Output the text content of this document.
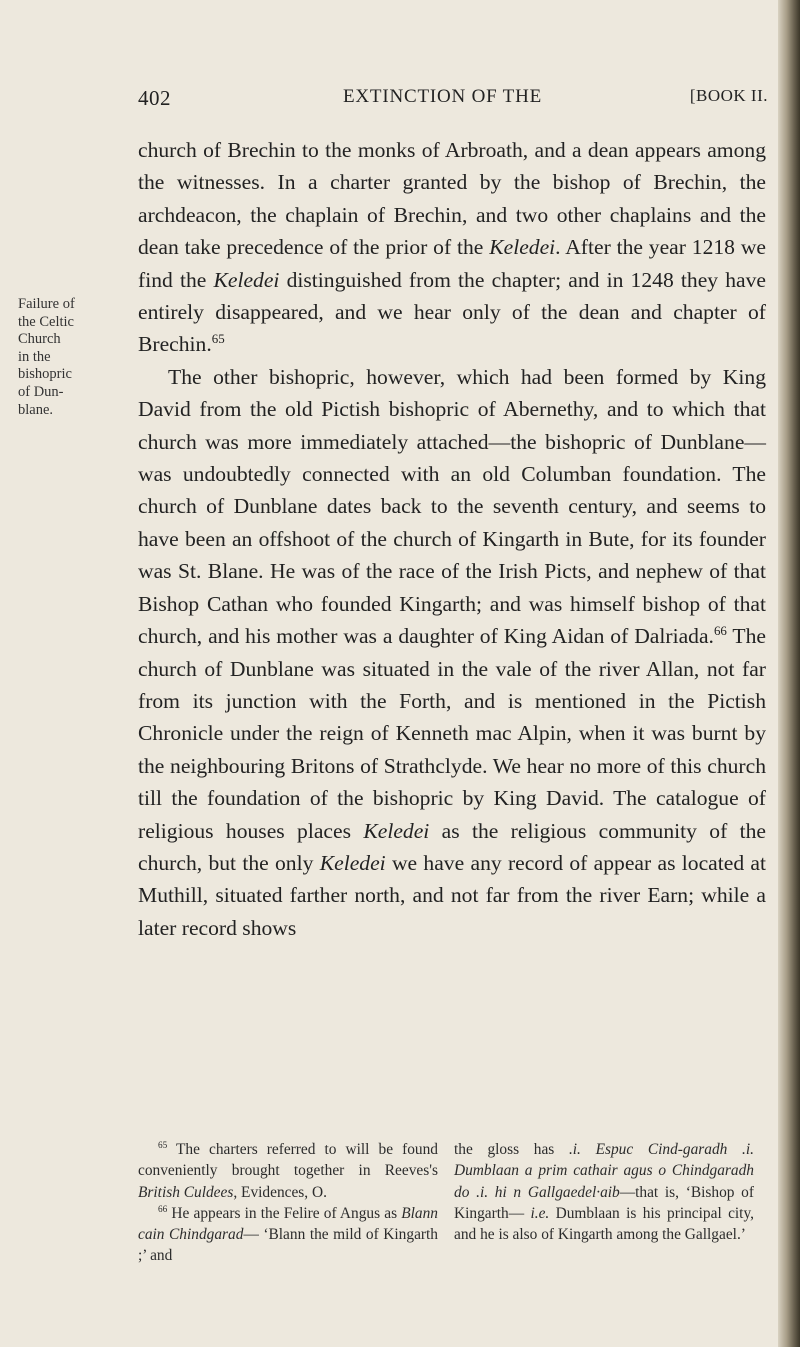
402	EXTINCTION OF THE	[BOOK II.
Failure of
the Celtic
Church
in the
bishopric
of Dun-
blane.

church of Brechin to the monks of Arbroath, and a dean appears among the witnesses. In a charter granted by the bishop of Brechin, the archdeacon, the chaplain of Brechin, and two other chaplains and the dean take precedence of the prior of the Keledei. After the year 1218 we find the Keledei distinguished from the chapter; and in 1248 they have entirely disappeared, and we hear only of the dean and chapter of Brechin.$^{65}$

The other bishopric, however, which had been formed by King David from the old Pictish bishopric of Abernethy, and to which that church was more immediately attached—the bishopric of Dunblane—was undoubtedly connected with an old Columban foundation. The church of Dunblane dates back to the seventh century, and seems to have been an offshoot of the church of Kingarth in Bute, for its founder was St. Blane. He was of the race of the Irish Picts, and nephew of that Bishop Cathan who founded Kingarth; and was himself bishop of that church, and his mother was a daughter of King Aidan of Dalriada.$^{66}$ The church of Dunblane was situated in the vale of the river Allan, not far from its junction with the Forth, and is mentioned in the Pictish Chronicle under the reign of Kenneth mac Alpin, when it was burnt by the neighbouring Britons of Strathclyde. We hear no more of this church till the foundation of the bishopric by King David. The catalogue of religious houses places Keledei as the religious community of the church, but the only Keledei we have any record of appear as located at Muthill, situated farther north, and not far from the river Earn; while a later record shows

$^{65}$ The charters referred to will be found conveniently brought together in Reeves's British Culdees, Evidences, O.

$^{66}$ He appears in the Felire of Angus as Blann cain Chindgarad— ‘Blann the mild of Kingarth ;’ and

the gloss has .i. Espuc Cind-garadh .i. Dumblaan a prim cathair agus o Chindgaradh do .i. hi n Gallgaedel·aib—that is, ‘Bishop of Kingarth— i.e. Dumblaan is his principal city, and he is also of Kingarth among the Gallgael.’
